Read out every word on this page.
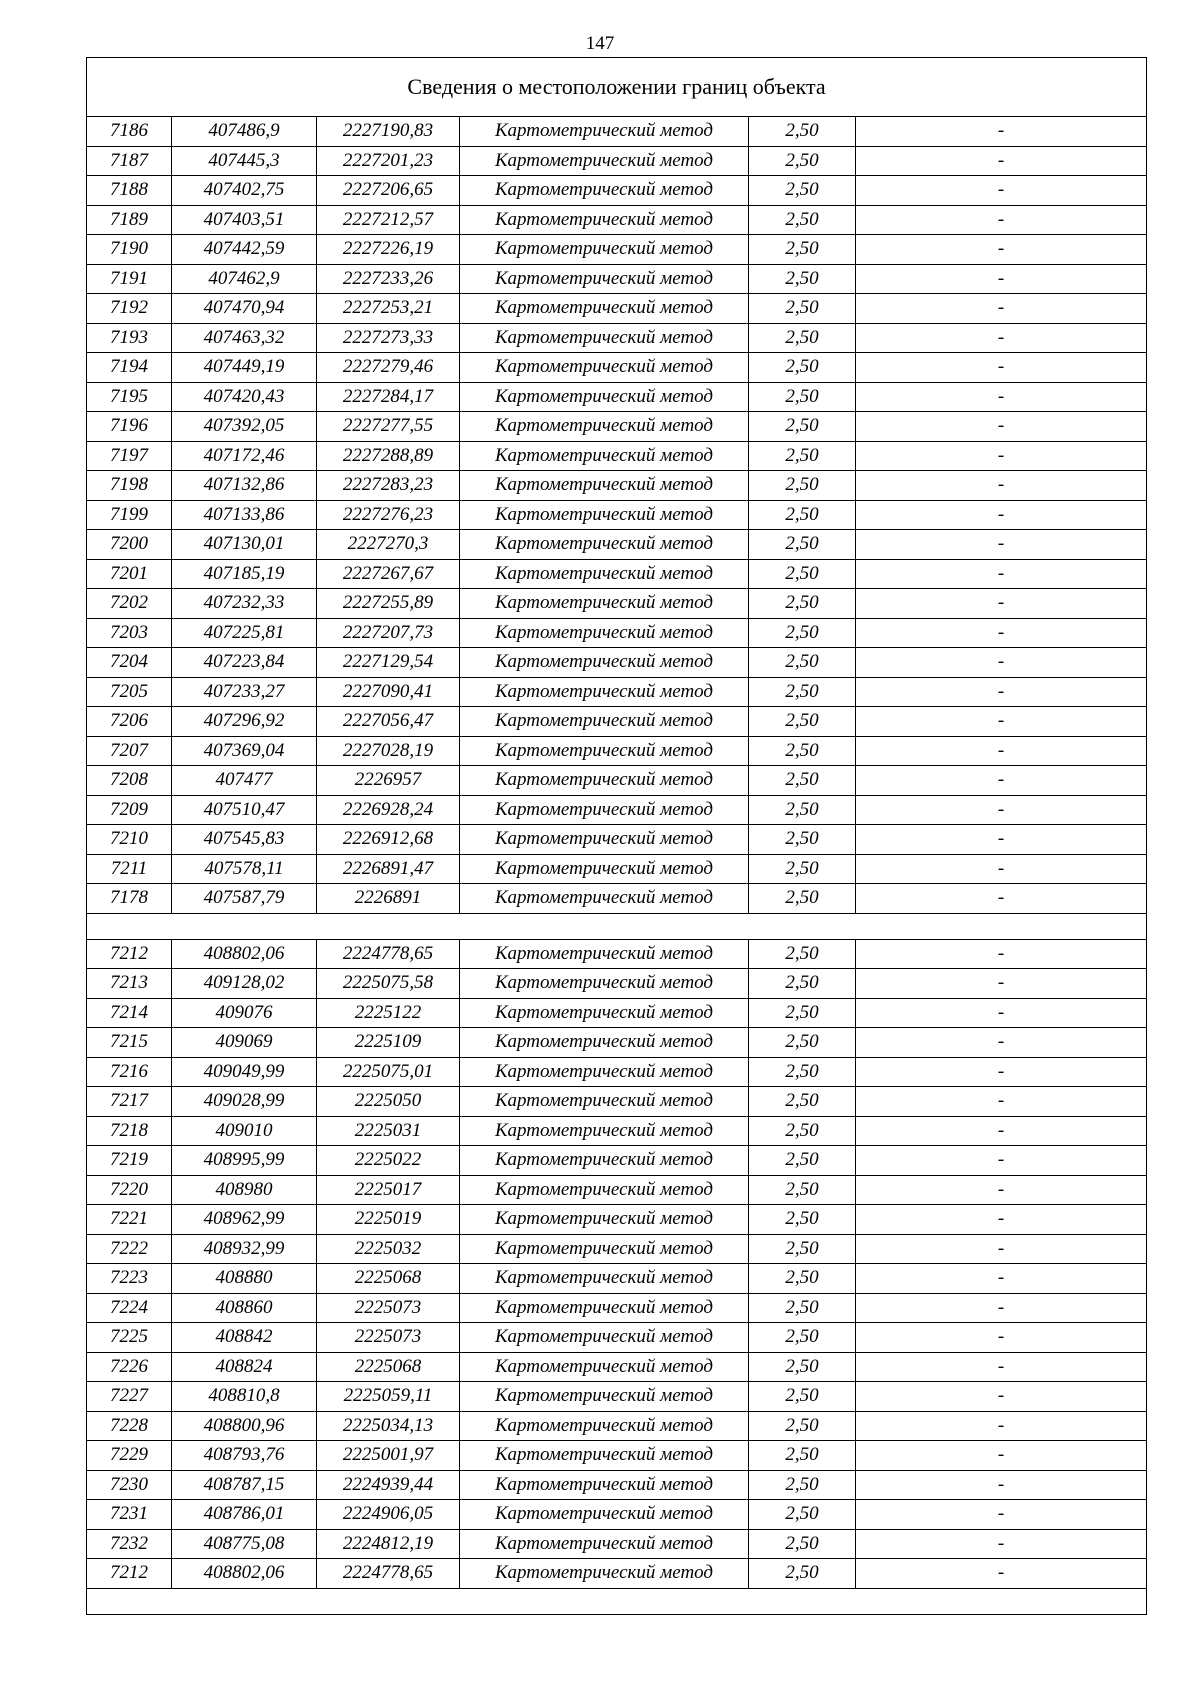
147
Сведения о местоположении границ объекта					
7186	407486,9	2227190,83	Картометрический метод	2,50	-
7187	407445,3	2227201,23	Картометрический метод	2,50	-
7188	407402,75	2227206,65	Картометрический метод	2,50	-
7189	407403,51	2227212,57	Картометрический метод	2,50	-
7190	407442,59	2227226,19	Картометрический метод	2,50	-
7191	407462,9	2227233,26	Картометрический метод	2,50	-
7192	407470,94	2227253,21	Картометрический метод	2,50	-
7193	407463,32	2227273,33	Картометрический метод	2,50	-
7194	407449,19	2227279,46	Картометрический метод	2,50	-
7195	407420,43	2227284,17	Картометрический метод	2,50	-
7196	407392,05	2227277,55	Картометрический метод	2,50	-
7197	407172,46	2227288,89	Картометрический метод	2,50	-
7198	407132,86	2227283,23	Картометрический метод	2,50	-
7199	407133,86	2227276,23	Картометрический метод	2,50	-
7200	407130,01	2227270,3	Картометрический метод	2,50	-
7201	407185,19	2227267,67	Картометрический метод	2,50	-
7202	407232,33	2227255,89	Картометрический метод	2,50	-
7203	407225,81	2227207,73	Картометрический метод	2,50	-
7204	407223,84	2227129,54	Картометрический метод	2,50	-
7205	407233,27	2227090,41	Картометрический метод	2,50	-
7206	407296,92	2227056,47	Картометрический метод	2,50	-
7207	407369,04	2227028,19	Картометрический метод	2,50	-
7208	407477	2226957	Картометрический метод	2,50	-
7209	407510,47	2226928,24	Картометрический метод	2,50	-
7210	407545,83	2226912,68	Картометрический метод	2,50	-
7211	407578,11	2226891,47	Картометрический метод	2,50	-
7178	407587,79	2226891	Картометрический метод	2,50	-

7212	408802,06	2224778,65	Картометрический метод	2,50	-
7213	409128,02	2225075,58	Картометрический метод	2,50	-
7214	409076	2225122	Картометрический метод	2,50	-
7215	409069	2225109	Картометрический метод	2,50	-
7216	409049,99	2225075,01	Картометрический метод	2,50	-
7217	409028,99	2225050	Картометрический метод	2,50	-
7218	409010	2225031	Картометрический метод	2,50	-
7219	408995,99	2225022	Картометрический метод	2,50	-
7220	408980	2225017	Картометрический метод	2,50	-
7221	408962,99	2225019	Картометрический метод	2,50	-
7222	408932,99	2225032	Картометрический метод	2,50	-
7223	408880	2225068	Картометрический метод	2,50	-
7224	408860	2225073	Картометрический метод	2,50	-
7225	408842	2225073	Картометрический метод	2,50	-
7226	408824	2225068	Картометрический метод	2,50	-
7227	408810,8	2225059,11	Картометрический метод	2,50	-
7228	408800,96	2225034,13	Картометрический метод	2,50	-
7229	408793,76	2225001,97	Картометрический метод	2,50	-
7230	408787,15	2224939,44	Картометрический метод	2,50	-
7231	408786,01	2224906,05	Картометрический метод	2,50	-
7232	408775,08	2224812,19	Картометрический метод	2,50	-
7212	408802,06	2224778,65	Картометрический метод	2,50	-
